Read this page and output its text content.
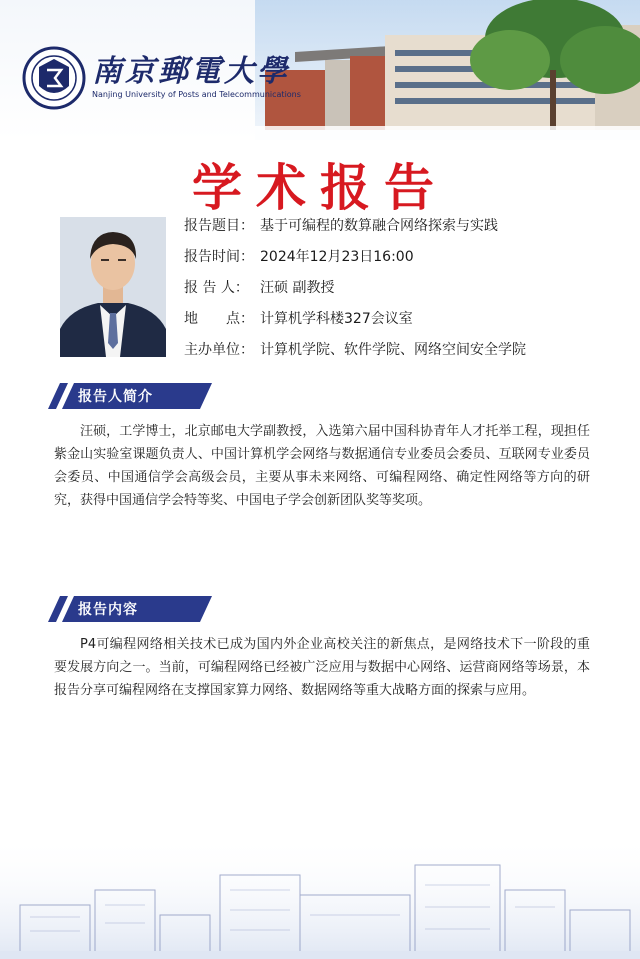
南京郵電大學
Nanjing University of Posts and Telecommunications
学术报告
报告题目： 基于可编程的数算融合网络探索与实践
报告时间： 2024年12月23日16:00
报 告 人： 汪硕 副教授
地　　点： 计算机学科楼327会议室
主办单位： 计算机学院、软件学院、网络空间安全学院
报告人简介
汪硕，工学博士，北京邮电大学副教授，入选第六届中国科协青年人才托举工程，现担任紫金山实验室课题负责人、中国计算机学会网络与数据通信专业委员会委员、互联网专业委员会委员、中国通信学会高级会员，主要从事未来网络、可编程网络、确定性网络等方向的研究，获得中国通信学会特等奖、中国电子学会创新团队奖等奖项。
报告内容
P4可编程网络相关技术已成为国内外企业高校关注的新焦点，是网络技术下一阶段的重要发展方向之一。当前，可编程网络已经被广泛应用与数据中心网络、运营商网络等场景，本报告分享可编程网络在支撑国家算力网络、数据网络等重大战略方面的探索与应用。
